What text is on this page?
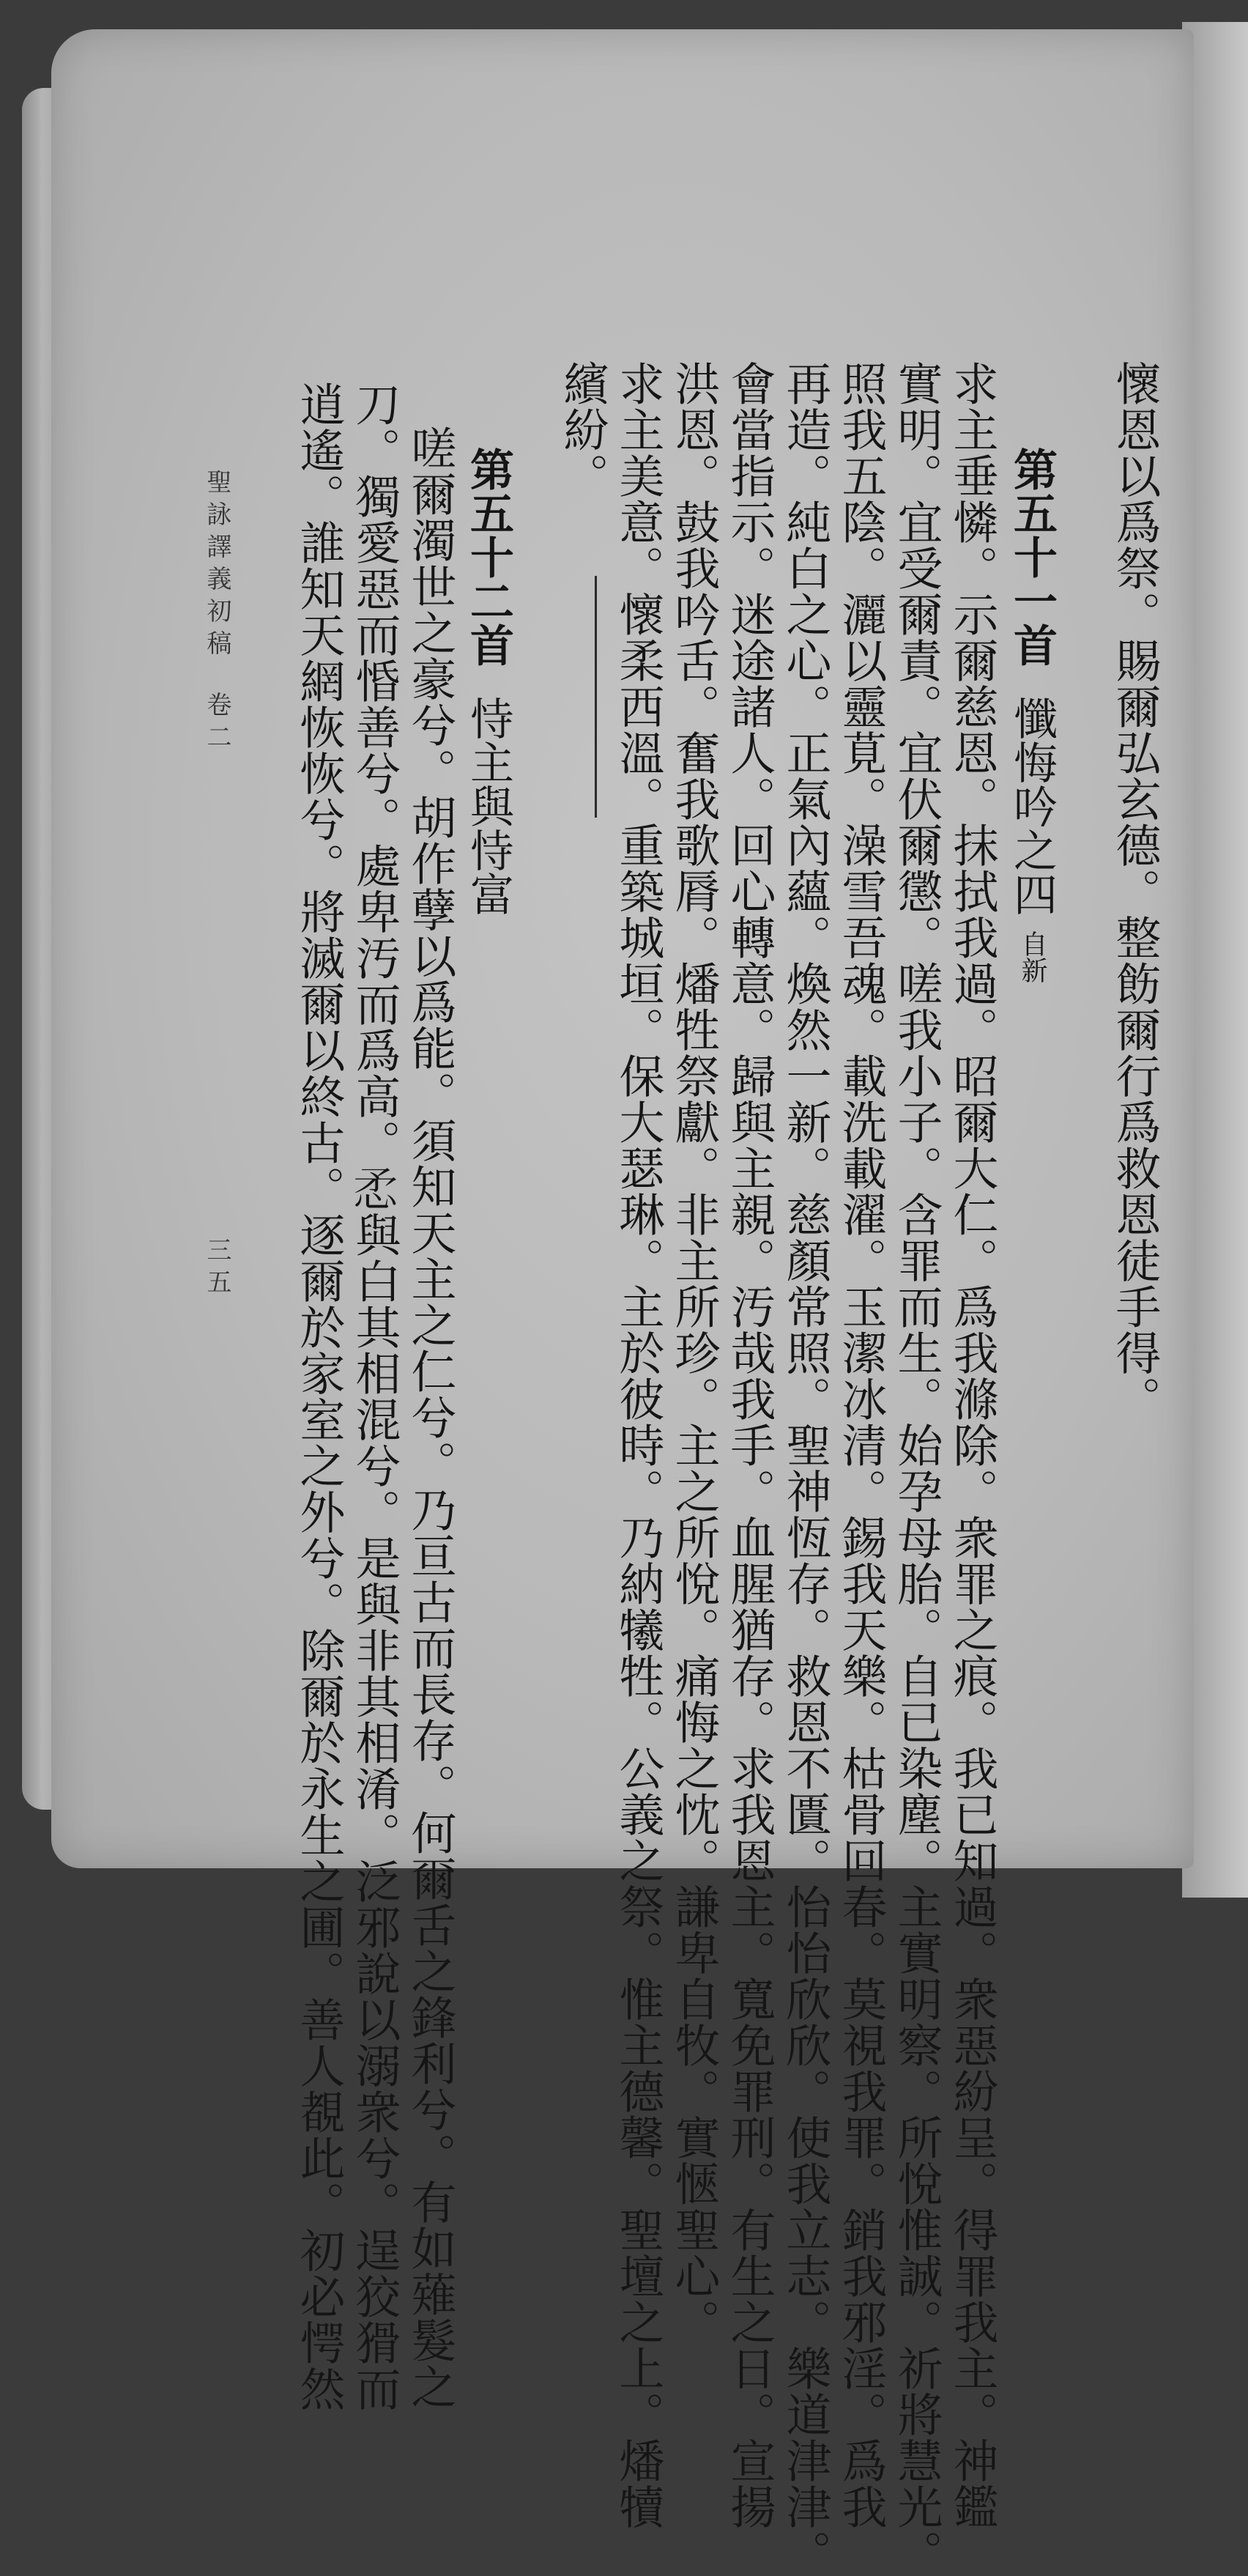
懷恩以爲祭。賜爾弘玄德。整飭爾行爲救恩徒手得。
第五十一首懺悔吟之四自新
求主垂憐。示爾慈恩。抹拭我過。昭爾大仁。爲我滌除。衆罪之痕。我已知過。衆惡紛呈。得罪我主。神鑑
實明。宜受爾責。宜伏爾懲。嗟我小子。含罪而生。始孕母胎。自已染塵。主實明察。所悅惟誠。祈將慧光。
照我五陰。灑以靈莧。澡雪吾魂。載洗載濯。玉潔冰清。錫我天樂。枯骨回春。莫視我罪。銷我邪淫。爲我
再造。純白之心。正氣內蘊。煥然一新。慈顏常照。聖神恆存。救恩不匱。怡怡欣欣。使我立志。樂道津津。
會當指示。迷途諸人。回心轉意。歸與主親。汚哉我手。血腥猶存。求我恩主。寬免罪刑。有生之日。宣揚
洪恩。鼓我吟舌。奮我歌脣。燔牲祭獻。非主所珍。主之所悅。痛悔之忱。謙卑自牧。實愜聖心。
求主美意。懷柔西溫。重築城垣。保大瑟琳。主於彼時。乃納犧牲。公義之祭。惟主德馨。聖壇之上。燔犢
繽紛。
第五十二首恃主與恃富
嗟爾濁世之豪兮。胡作孽以爲能。須知天主之仁兮。乃亘古而長存。何爾舌之鋒利兮。有如薙髮之
刀。獨愛惡而惛善兮。處卑汚而爲高。𢘅與白其相混兮。是與非其相淆。泛邪說以溺衆兮。逞狡猾而
逍遙。誰知天網恢恢兮。將滅爾以終古。逐爾於家室之外兮。除爾於永生之圃。善人覩此。初必愕然
聖詠譯義初稿卷二
三五
